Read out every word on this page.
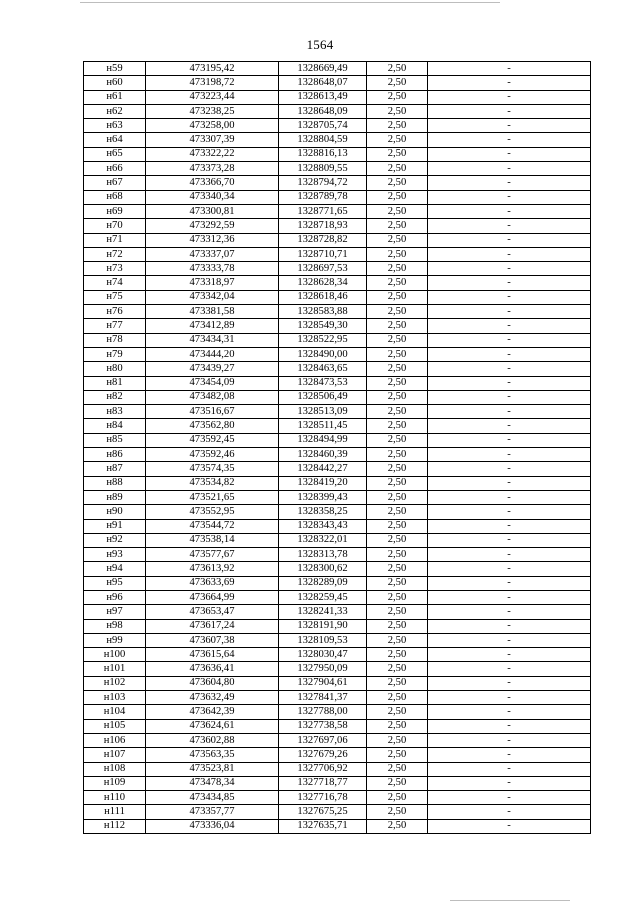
1564
н59	473195,42	1328669,49	2,50	-
н60	473198,72	1328648,07	2,50	-
н61	473223,44	1328613,49	2,50	-
н62	473238,25	1328648,09	2,50	-
н63	473258,00	1328705,74	2,50	-
н64	473307,39	1328804,59	2,50	-
н65	473322,22	1328816,13	2,50	-
н66	473373,28	1328809,55	2,50	-
н67	473366,70	1328794,72	2,50	-
н68	473340,34	1328789,78	2,50	-
н69	473300,81	1328771,65	2,50	-
н70	473292,59	1328718,93	2,50	-
н71	473312,36	1328728,82	2,50	-
н72	473337,07	1328710,71	2,50	-
н73	473333,78	1328697,53	2,50	-
н74	473318,97	1328628,34	2,50	-
н75	473342,04	1328618,46	2,50	-
н76	473381,58	1328583,88	2,50	-
н77	473412,89	1328549,30	2,50	-
н78	473434,31	1328522,95	2,50	-
н79	473444,20	1328490,00	2,50	-
н80	473439,27	1328463,65	2,50	-
н81	473454,09	1328473,53	2,50	-
н82	473482,08	1328506,49	2,50	-
н83	473516,67	1328513,09	2,50	-
н84	473562,80	1328511,45	2,50	-
н85	473592,45	1328494,99	2,50	-
н86	473592,46	1328460,39	2,50	-
н87	473574,35	1328442,27	2,50	-
н88	473534,82	1328419,20	2,50	-
н89	473521,65	1328399,43	2,50	-
н90	473552,95	1328358,25	2,50	-
н91	473544,72	1328343,43	2,50	-
н92	473538,14	1328322,01	2,50	-
н93	473577,67	1328313,78	2,50	-
н94	473613,92	1328300,62	2,50	-
н95	473633,69	1328289,09	2,50	-
н96	473664,99	1328259,45	2,50	-
н97	473653,47	1328241,33	2,50	-
н98	473617,24	1328191,90	2,50	-
н99	473607,38	1328109,53	2,50	-
н100	473615,64	1328030,47	2,50	-
н101	473636,41	1327950,09	2,50	-
н102	473604,80	1327904,61	2,50	-
н103	473632,49	1327841,37	2,50	-
н104	473642,39	1327788,00	2,50	-
н105	473624,61	1327738,58	2,50	-
н106	473602,88	1327697,06	2,50	-
н107	473563,35	1327679,26	2,50	-
н108	473523,81	1327706,92	2,50	-
н109	473478,34	1327718,77	2,50	-
н110	473434,85	1327716,78	2,50	-
н111	473357,77	1327675,25	2,50	-
н112	473336,04	1327635,71	2,50	-
